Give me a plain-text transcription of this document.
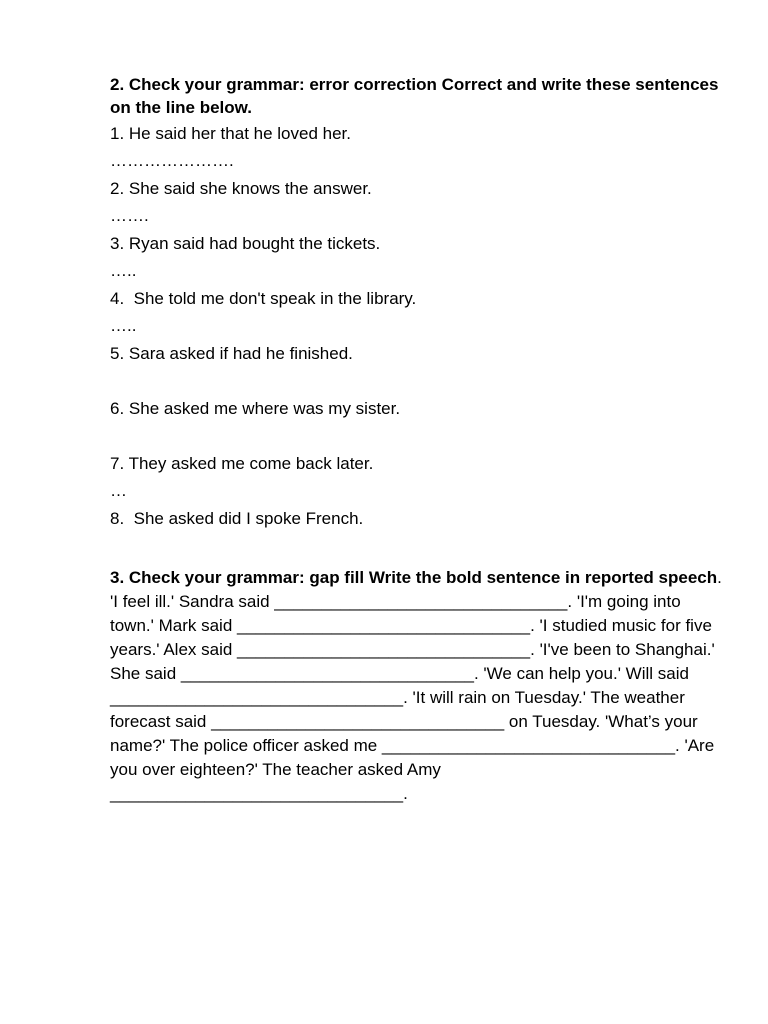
2. Check your grammar: error correction Correct and write these sentences on the line below.

1. He said her that he loved her.

………………….

2. She said she knows the answer.

…….

3. Ryan said had bought the tickets.

…..

4.  She told me don't speak in the library.

…..

5. Sara asked if had he finished.

6. She asked me where was my sister.

7. They asked me come back later.

…

8.  She asked did I spoke French.

3. Check your grammar: gap fill Write the bold sentence in reported speech. 'I feel ill.' Sandra said _______________________________. 'I'm going into town.' Mark said _______________________________. 'I studied music for five years.' Alex said _______________________________. 'I've been to Shanghai.' She said _______________________________. 'We can help you.' Will said _______________________________. 'It will rain on Tuesday.' The weather forecast said _______________________________ on Tuesday. 'What’s your name?' The police officer asked me _______________________________. 'Are you over eighteen?' The teacher asked Amy _______________________________.
